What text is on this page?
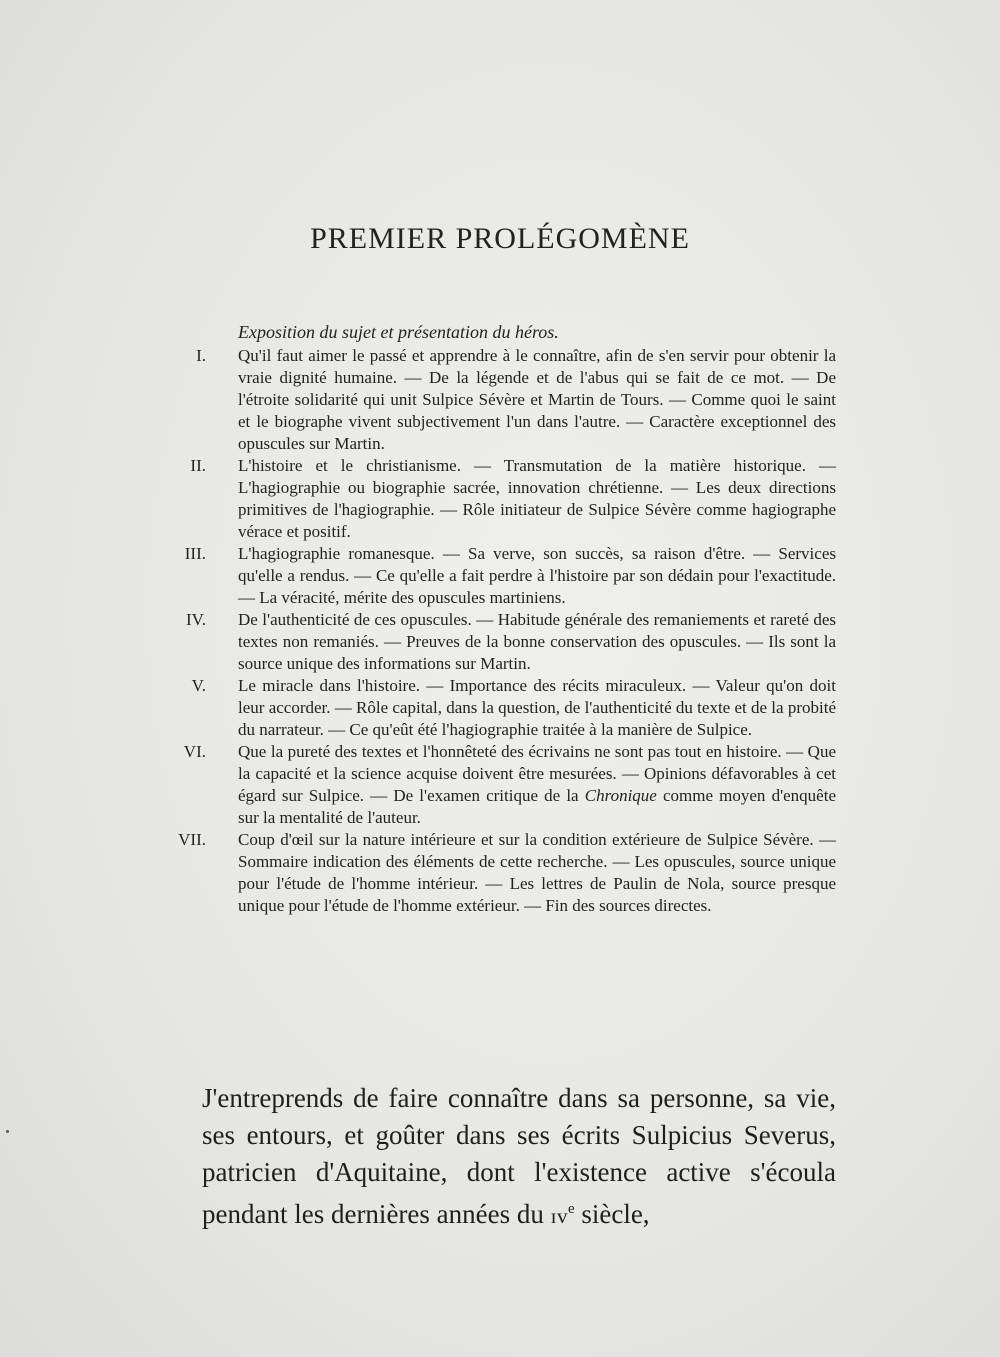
PREMIER PROLÉGOMÈNE
Exposition du sujet et présentation du héros.
I. Qu'il faut aimer le passé et apprendre à le connaître, afin de s'en servir pour obtenir la vraie dignité humaine. — De la légende et de l'abus qui se fait de ce mot. — De l'étroite solidarité qui unit Sulpice Sévère et Martin de Tours. — Comme quoi le saint et le biographe vivent subjectivement l'un dans l'autre. — Caractère exceptionnel des opuscules sur Martin.
II. L'histoire et le christianisme. — Transmutation de la matière historique. — L'hagiographie ou biographie sacrée, innovation chrétienne. — Les deux directions primitives de l'hagiographie. — Rôle initiateur de Sulpice Sévère comme hagiographe vérace et positif.
III. L'hagiographie romanesque. — Sa verve, son succès, sa raison d'être. — Services qu'elle a rendus. — Ce qu'elle a fait perdre à l'histoire par son dédain pour l'exactitude. — La véracité, mérite des opuscules martiniens.
IV. De l'authenticité de ces opuscules. — Habitude générale des remaniements et rareté des textes non remaniés. — Preuves de la bonne conservation des opuscules. — Ils sont la source unique des informations sur Martin.
V. Le miracle dans l'histoire. — Importance des récits miraculeux. — Valeur qu'on doit leur accorder. — Rôle capital, dans la question, de l'authenticité du texte et de la probité du narrateur. — Ce qu'eût été l'hagiographie traitée à la manière de Sulpice.
VI. Que la pureté des textes et l'honnêteté des écrivains ne sont pas tout en histoire. — Que la capacité et la science acquise doivent être mesurées. — Opinions défavorables à cet égard sur Sulpice. — De l'examen critique de la Chronique comme moyen d'enquête sur la mentalité de l'auteur.
VII. Coup d'œil sur la nature intérieure et sur la condition extérieure de Sulpice Sévère. — Sommaire indication des éléments de cette recherche. — Les opuscules, source unique pour l'étude de l'homme intérieur. — Les lettres de Paulin de Nola, source presque unique pour l'étude de l'homme extérieur. — Fin des sources directes.
J'entreprends de faire connaître dans sa personne, sa vie, ses entours, et goûter dans ses écrits Sulpicius Severus, patricien d'Aquitaine, dont l'existence active s'écoula pendant les dernières années du ɪᴠ$^e$ siècle,
